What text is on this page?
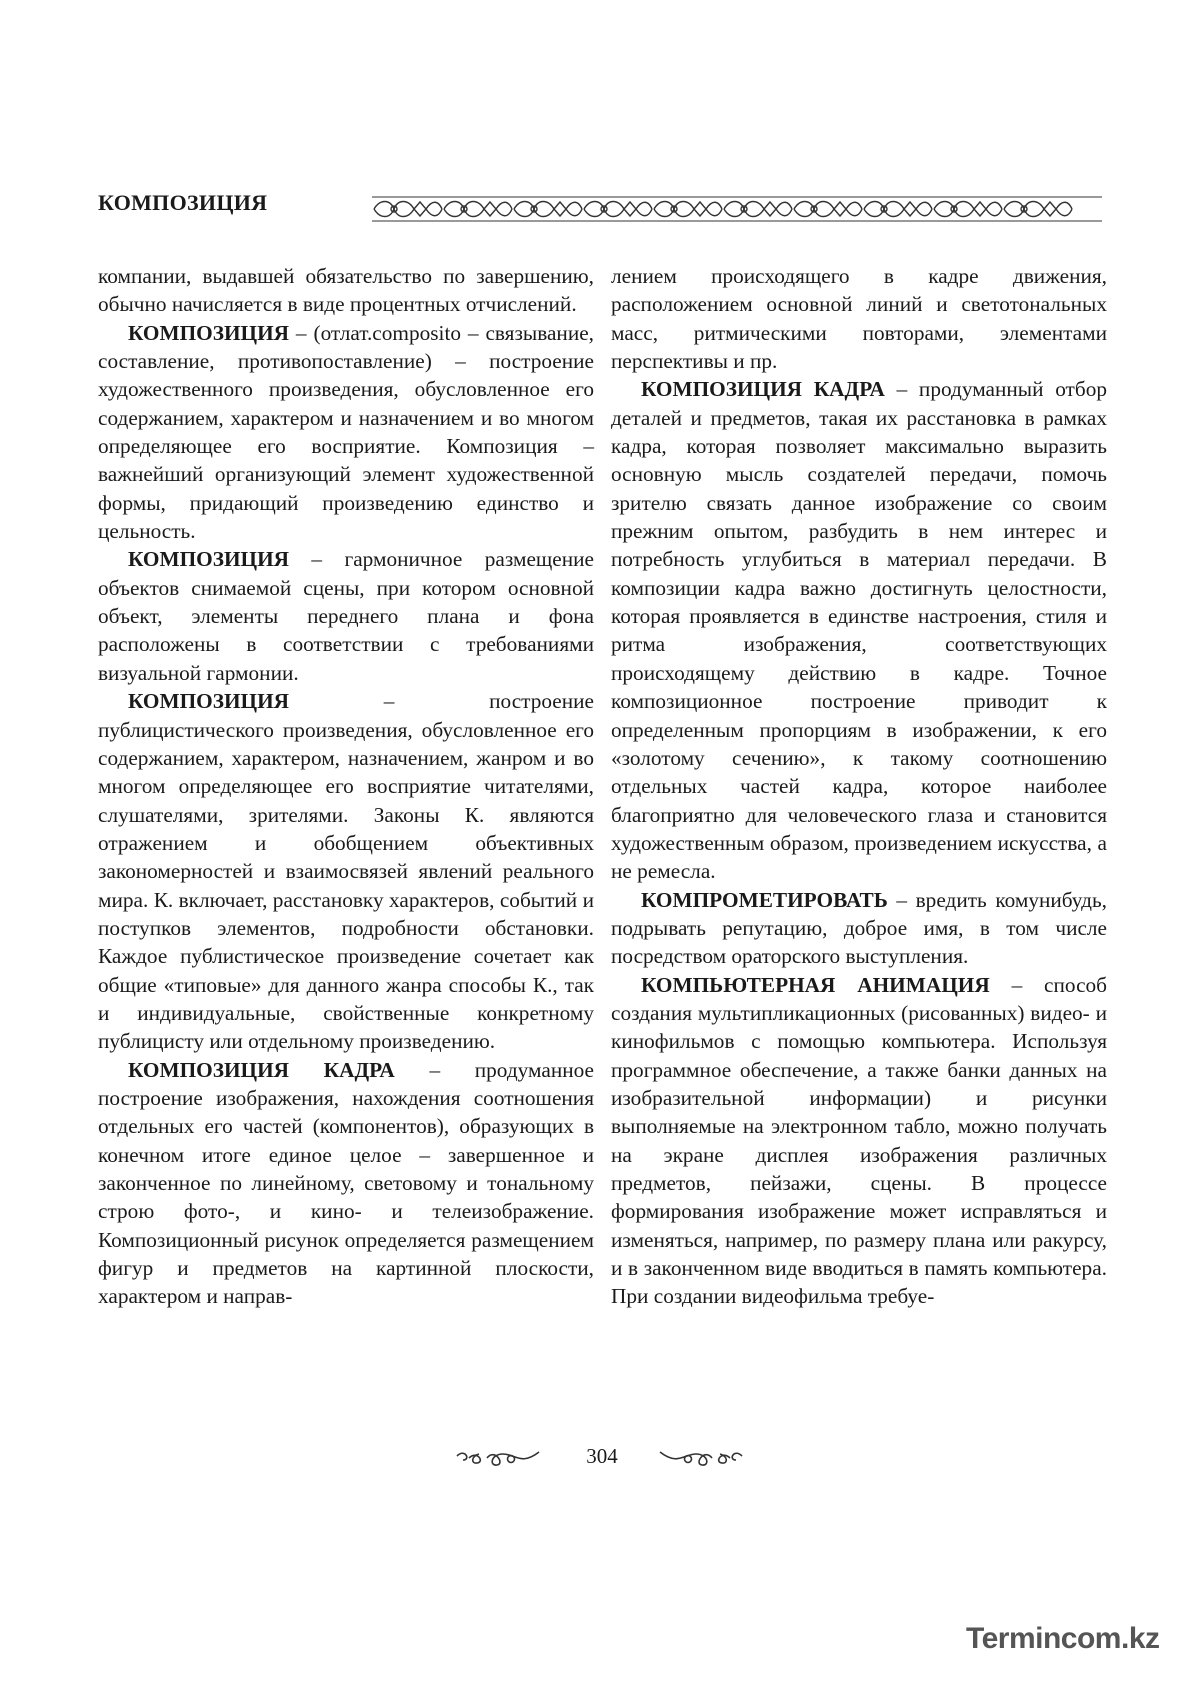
КОМПОЗИЦИЯ

компании, выдавшей обязательство по завершению, обычно начисляется в виде процентных отчислений.

КОМПОЗИЦИЯ – (отлат.composito – связывание, составление, противопоставление) – построение художественного произведения, обусловленное его содержанием, характером и назначением и во многом определяющее его восприятие. Композиция – важнейший организующий элемент художественной формы, придающий произведению единство и цельность.

КОМПОЗИЦИЯ – гармоничное размещение объектов снимаемой сцены, при котором основной объект, элементы переднего плана и фона расположены в соответствии с требованиями визуальной гармонии.

КОМПОЗИЦИЯ – построение публицистического произведения, обусловленное его содержанием, характером, назначением, жанром и во многом определяющее его восприятие читателями, слушателями, зрителями. Законы К. являются отражением и обобщением объективных закономерностей и взаимосвязей явлений реального мира. К. включает, расстановку характеров, событий и поступков элементов, подробности обстановки. Каждое публистическое произведение сочетает как общие «типовые» для данного жанра способы К., так и индивидуальные, свойственные конкретному публицисту или отдельному произведению.

КОМПОЗИЦИЯ КАДРА – продуманное построение изображения, нахождения соотношения отдельных его частей (компонентов), образующих в конечном итоге единое целое – завершенное и законченное по линейному, световому и тональному строю фото-, и кино- и телеизображение. Композиционный рисунок определяется размещением фигур и предметов на картинной плоскости, характером и направ-

лением происходящего в кадре движения, расположением основной линий и светотональных масс, ритмическими повторами, элементами перспективы и пр.

КОМПОЗИЦИЯ КАДРА – продуманный отбор деталей и предметов, такая их расстановка в рамках кадра, которая позволяет максимально выразить основную мысль создателей передачи, помочь зрителю связать данное изображение со своим прежним опытом, разбудить в нем интерес и потребность углубиться в материал передачи. В композиции кадра важно достигнуть целостности, которая проявляется в единстве настроения, стиля и ритма изображения, соответствующих происходящему действию в кадре. Точное композиционное построение приводит к определенным пропорциям в изображении, к его «золотому сечению», к такому соотношению отдельных частей кадра, которое наиболее благоприятно для человеческого глаза и становится художественным образом, произведением искусства, а не ремесла.

КОМПРОМЕТИРОВАТЬ – вредить комунибудь, подрывать репутацию, доброе имя, в том числе посредством ораторского выступления.

КОМПЬЮТЕРНАЯ АНИМАЦИЯ – способ создания мультипликационных (рисованных) видео- и кинофильмов с помощью компьютера. Используя программное обеспечение, а также банки данных на изобразительной информации) и рисунки выполняемые на электронном табло, можно получать на экране дисплея изображения различных предметов, пейзажи, сцены. В процессе формирования изображение может исправляться и изменяться, например, по размеру плана или ракурсу, и в законченном виде вводиться в память компьютера. При создании видеофильма требуе-

304
Termincom.kz
